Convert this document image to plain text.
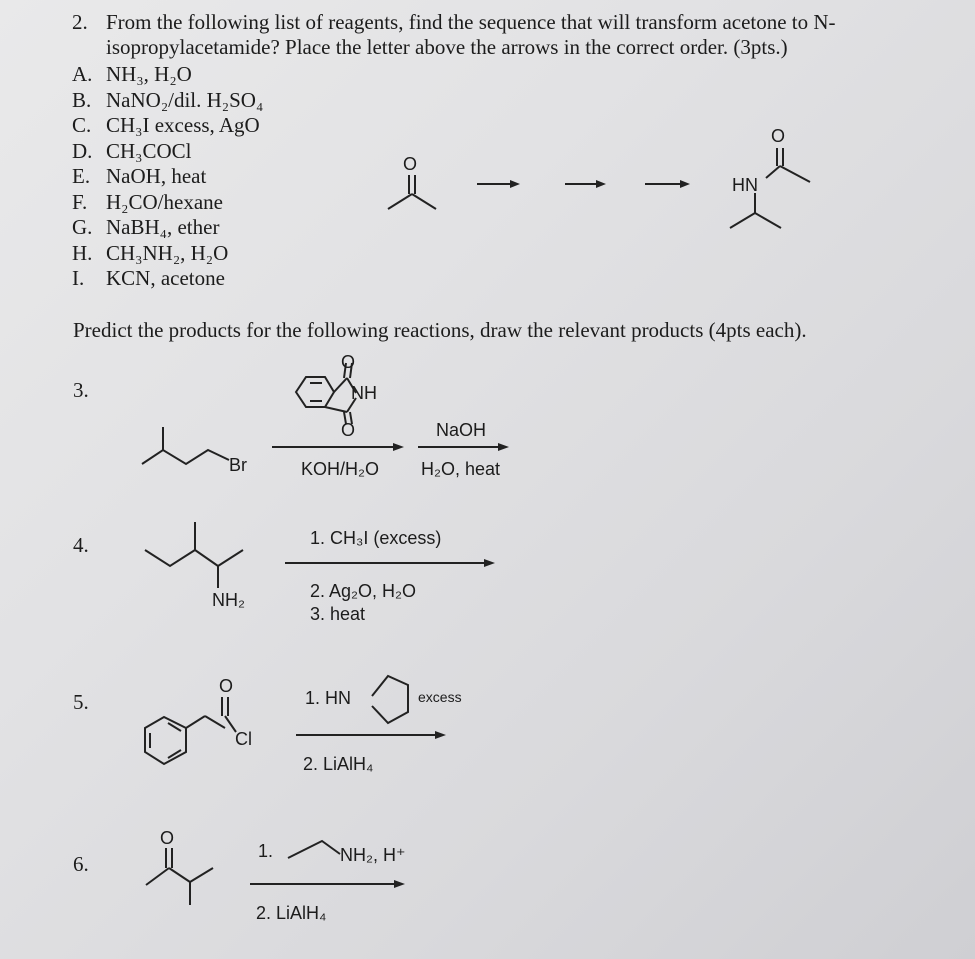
2. From the following list of reagents, find the sequence that will transform acetone to N-
isopropylacetamide? Place the letter above the arrows in the correct order. (3pts.)
A. NH₃, H₂O
B. NaNO₂/dil. H₂SO₄
C. CH₃I excess, AgO
D. CH₃COCl
E. NaOH, heat
F. H₂CO/hexane
G. NaBH₄, ether
H. CH₃NH₂, H₂O
I. KCN, acetone
O
O
HN
Predict the products for the following reactions, draw the relevant products (4pts each).
3.
Br
O
O
NH
KOH/H₂O
NaOH
H₂O, heat
4.
NH₂
1. CH₃I (excess)
2. Ag₂O, H₂O
3. heat
5.
O
Cl
1. HN	excess
2. LiAlH₄
6.
O
1.	NH₂, H⁺
2. LiAlH₄
